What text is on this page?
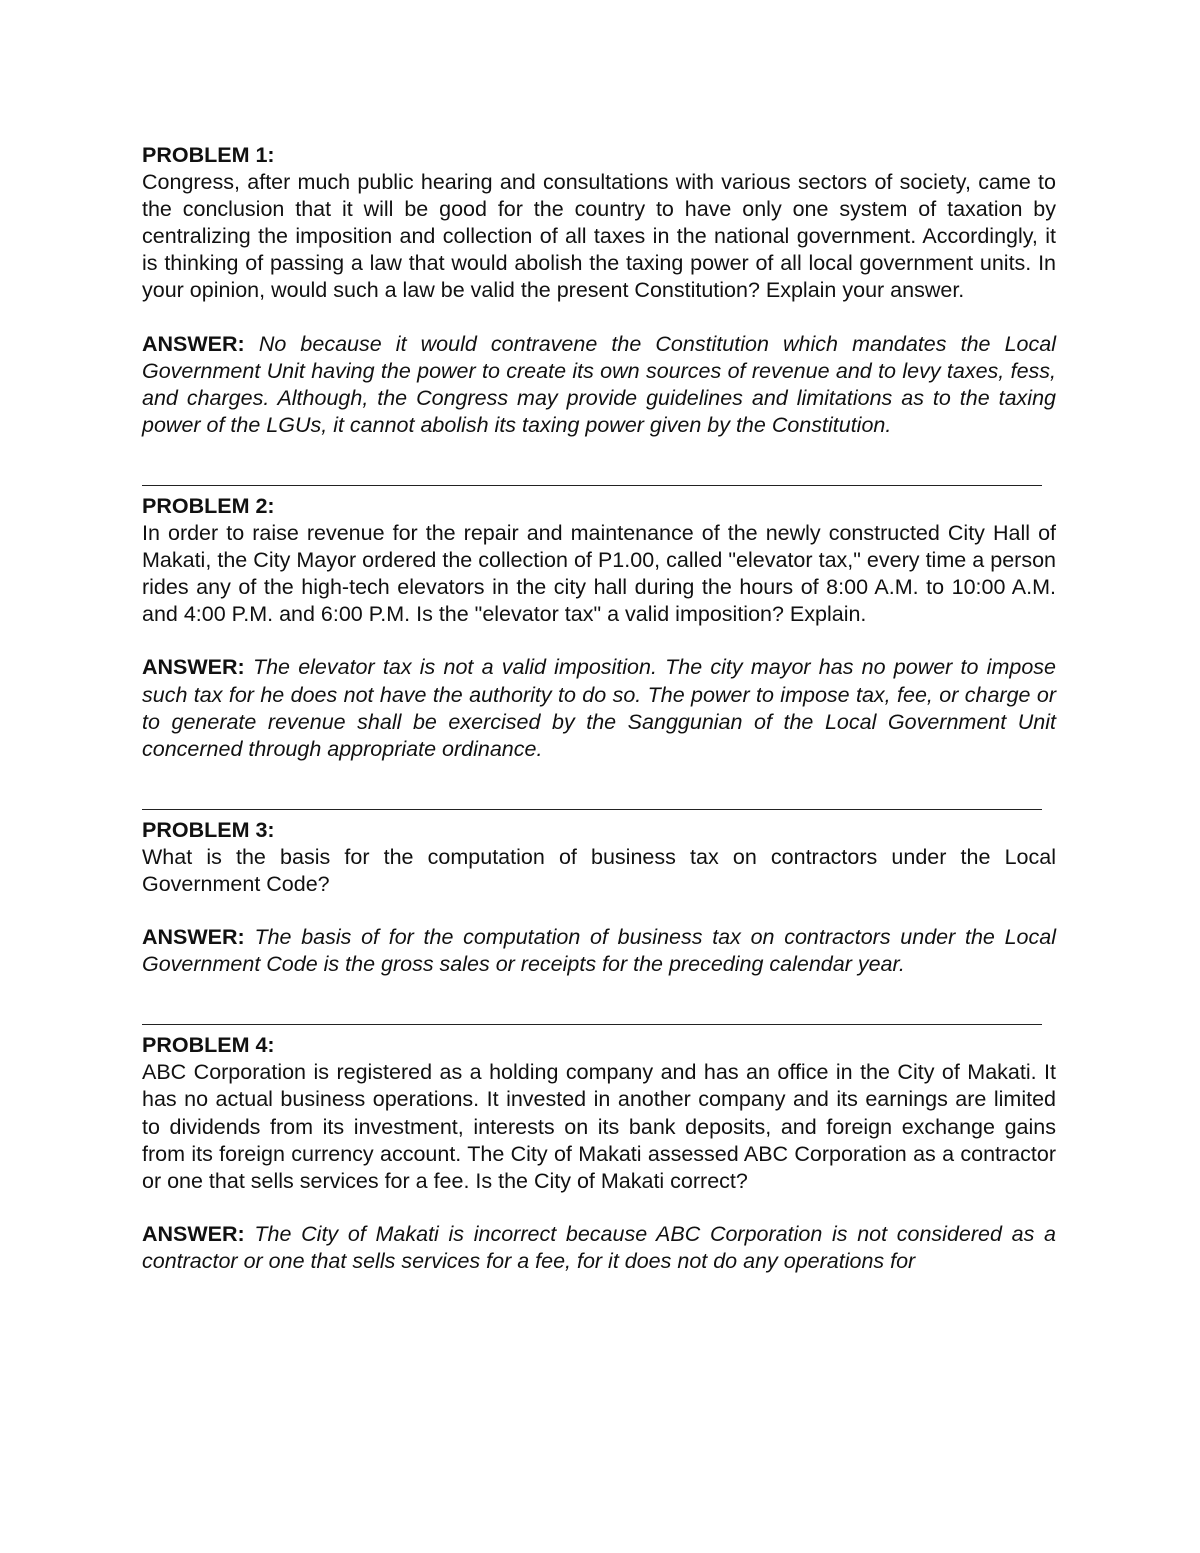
PROBLEM 1:

Congress, after much public hearing and consultations with various sectors of society, came to the conclusion that it will be good for the country to have only one system of taxation by centralizing the imposition and collection of all taxes in the national government. Accordingly, it is thinking of passing a law that would abolish the taxing power of all local government units. In your opinion, would such a law be valid the present Constitution? Explain your answer.

ANSWER: No because it would contravene the Constitution which mandates the Local Government Unit having the power to create its own sources of revenue and to levy taxes, fess, and charges. Although, the Congress may provide guidelines and limitations as to the taxing power of the LGUs, it cannot abolish its taxing power given by the Constitution.

PROBLEM 2:

In order to raise revenue for the repair and maintenance of the newly constructed City Hall of Makati, the City Mayor ordered the collection of P1.00, called "elevator tax," every time a person rides any of the high-tech elevators in the city hall during the hours of 8:00 A.M. to 10:00 A.M. and 4:00 P.M. and 6:00 P.M. Is the "elevator tax" a valid imposition? Explain.

ANSWER: The elevator tax is not a valid imposition. The city mayor has no power to impose such tax for he does not have the authority to do so. The power to impose tax, fee, or charge or to generate revenue shall be exercised by the Sanggunian of the Local Government Unit concerned through appropriate ordinance.

PROBLEM 3:

What is the basis for the computation of business tax on contractors under the Local Government Code?

ANSWER: The basis of for the computation of business tax on contractors under the Local Government Code is the gross sales or receipts for the preceding calendar year.

PROBLEM 4:

ABC Corporation is registered as a holding company and has an office in the City of Makati. It has no actual business operations. It invested in another company and its earnings are limited to dividends from its investment, interests on its bank deposits, and foreign exchange gains from its foreign currency account. The City of Makati assessed ABC Corporation as a contractor or one that sells services for a fee. Is the City of Makati correct?

ANSWER: The City of Makati is incorrect because ABC Corporation is not considered as a contractor or one that sells services for a fee, for it does not do any operations for
